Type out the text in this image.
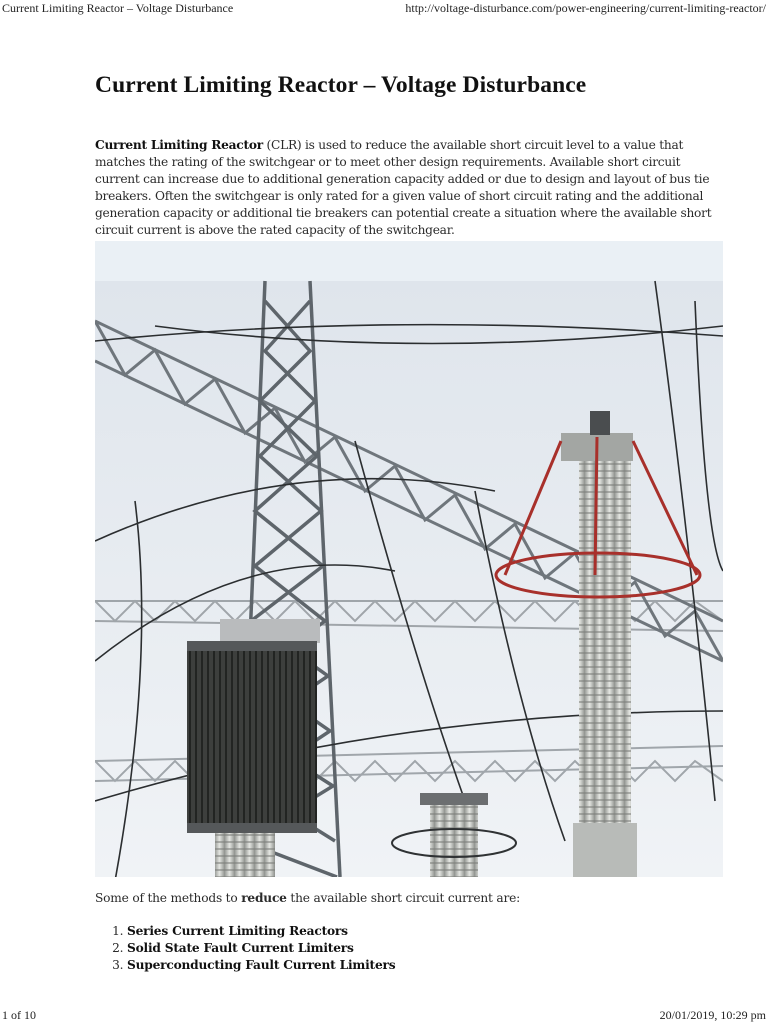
Current Limiting Reactor – Voltage Disturbance	http://voltage-disturbance.com/power-engineering/current-limiting-reactor/
Current Limiting Reactor – Voltage Disturbance

Current Limiting Reactor (CLR) is used to reduce the available short circuit level to a value that matches the rating of the switchgear or to meet other design requirements. Available short circuit current can increase due to additional generation capacity added or due to design and layout of bus tie breakers. Often the switchgear is only rated for a given value of short circuit rating and the additional generation capacity or additional tie breakers can potential create a situation where the available short circuit current is above the rated capacity of the switchgear.

Some of the methods to reduce the available short circuit current are:

1. Series Current Limiting Reactors
2. Solid State Fault Current Limiters
3. Superconducting Fault Current Limiters
1 of 10	20/01/2019, 10:29 pm
